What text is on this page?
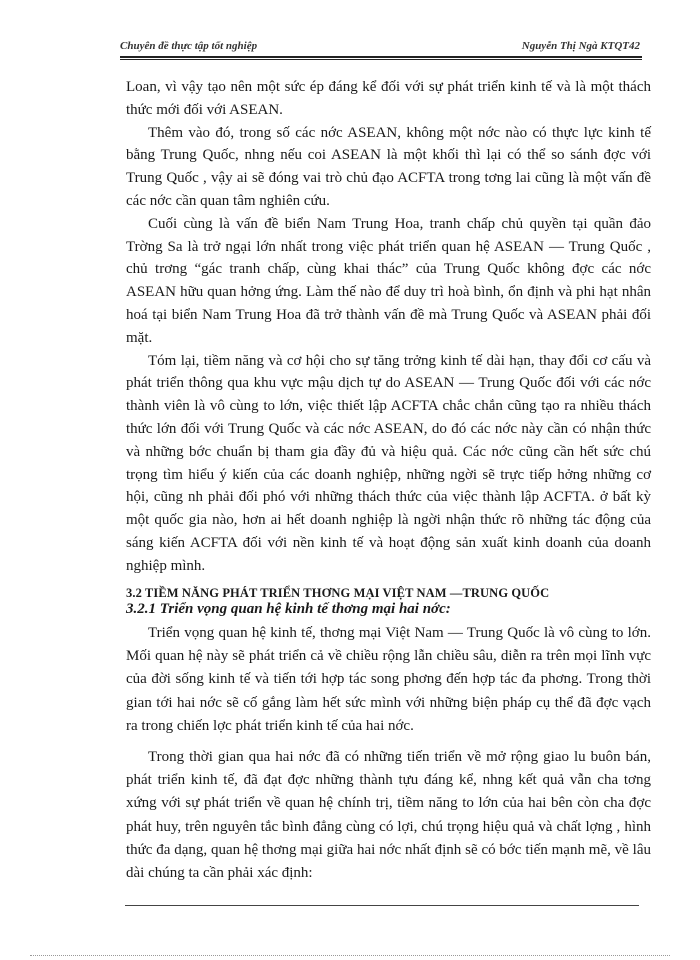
Chuyên đề thực tập tốt nghiệp	Nguyễn Thị Ngà KTQT42

Loan, vì vậy tạo nên một sức ép đáng kể đối với sự phát triển kinh tế và là một thách thức mới đối với ASEAN.

Thêm vào đó, trong số các nớc ASEAN, không một nớc nào có thực lực kinh tế bằng Trung Quốc, nhng nếu coi ASEAN là một khối thì lại có thể so sánh đợc với Trung Quốc , vậy ai sẽ đóng vai trò chủ đạo ACFTA trong tơng lai cũng là một vấn đề các nớc cần quan tâm nghiên cứu.

Cuối cùng là vấn đề biển Nam Trung Hoa, tranh chấp chủ quyền tại quần đảo Trờng Sa là trở ngại lớn nhất trong việc phát triển quan hệ ASEAN — Trung Quốc , chủ trơng “gác tranh chấp, cùng khai thác” của Trung Quốc không đợc các nớc ASEAN hữu quan hởng ứng. Làm thế nào để duy trì hoà bình, ổn định và phi hạt nhân hoá tại biển Nam Trung Hoa đã trở thành vấn đề mà Trung Quốc và ASEAN phải đối mặt.

Tóm lại, tiềm năng và cơ hội cho sự tăng trởng kinh tế dài hạn, thay đổi cơ cấu và phát triển thông qua khu vực mậu dịch tự do ASEAN — Trung Quốc đối với các nớc thành viên là vô cùng to lớn, việc thiết lập ACFTA chắc chắn cũng tạo ra nhiều thách thức lớn đối với Trung Quốc và các nớc ASEAN, do đó các nớc này cần có nhận thức và những bớc chuẩn bị tham gia đầy đủ và hiệu quả. Các nớc cũng cần hết sức chú trọng tìm hiểu ý kiến của các doanh nghiệp, những ngời sẽ trực tiếp hởng những cơ hội, cũng nh phải đối phó với những thách thức của việc thành lập ACFTA. ở bất kỳ một quốc gia nào, hơn ai hết doanh nghiệp là ngời nhận thức rõ những tác động của sáng kiến ACFTA đối với nền kinh tế và hoạt động sản xuất kinh doanh của doanh nghiệp mình.

3.2 TIỀM NĂNG PHÁT TRIỂN THƠNG MẠI VIỆT NAM —TRUNG QUỐC
3.2.1 Triển vọng quan hệ kinh tế thơng mại hai nớc:

Triển vọng quan hệ kinh tế, thơng mại Việt Nam — Trung Quốc là vô cùng to lớn. Mối quan hệ này sẽ phát triển cả về chiều rộng lẫn chiều sâu, diễn ra trên mọi lĩnh vực của đời sống kinh tế và tiến tới hợp tác song phơng đến hợp tác đa phơng. Trong thời gian tới hai nớc sẽ cố gắng làm hết sức mình với những biện pháp cụ thể đã đợc vạch ra trong chiến lợc phát triển kinh tế của hai nớc.

Trong thời gian qua hai nớc đã có những tiến triển về mở rộng giao lu buôn bán, phát triển kinh tế, đã đạt đợc những thành tựu đáng kể, nhng kết quả vẫn cha tơng xứng với sự phát triển về quan hệ chính trị, tiềm năng to lớn của hai bên còn cha đợc phát huy, trên nguyên tắc bình đẳng cùng có lợi, chú trọng hiệu quả và chất lợng , hình thức đa dạng, quan hệ thơng mại giữa hai nớc nhất định sẽ có bớc tiến mạnh mẽ, về lâu dài chúng ta cần phải xác định:
